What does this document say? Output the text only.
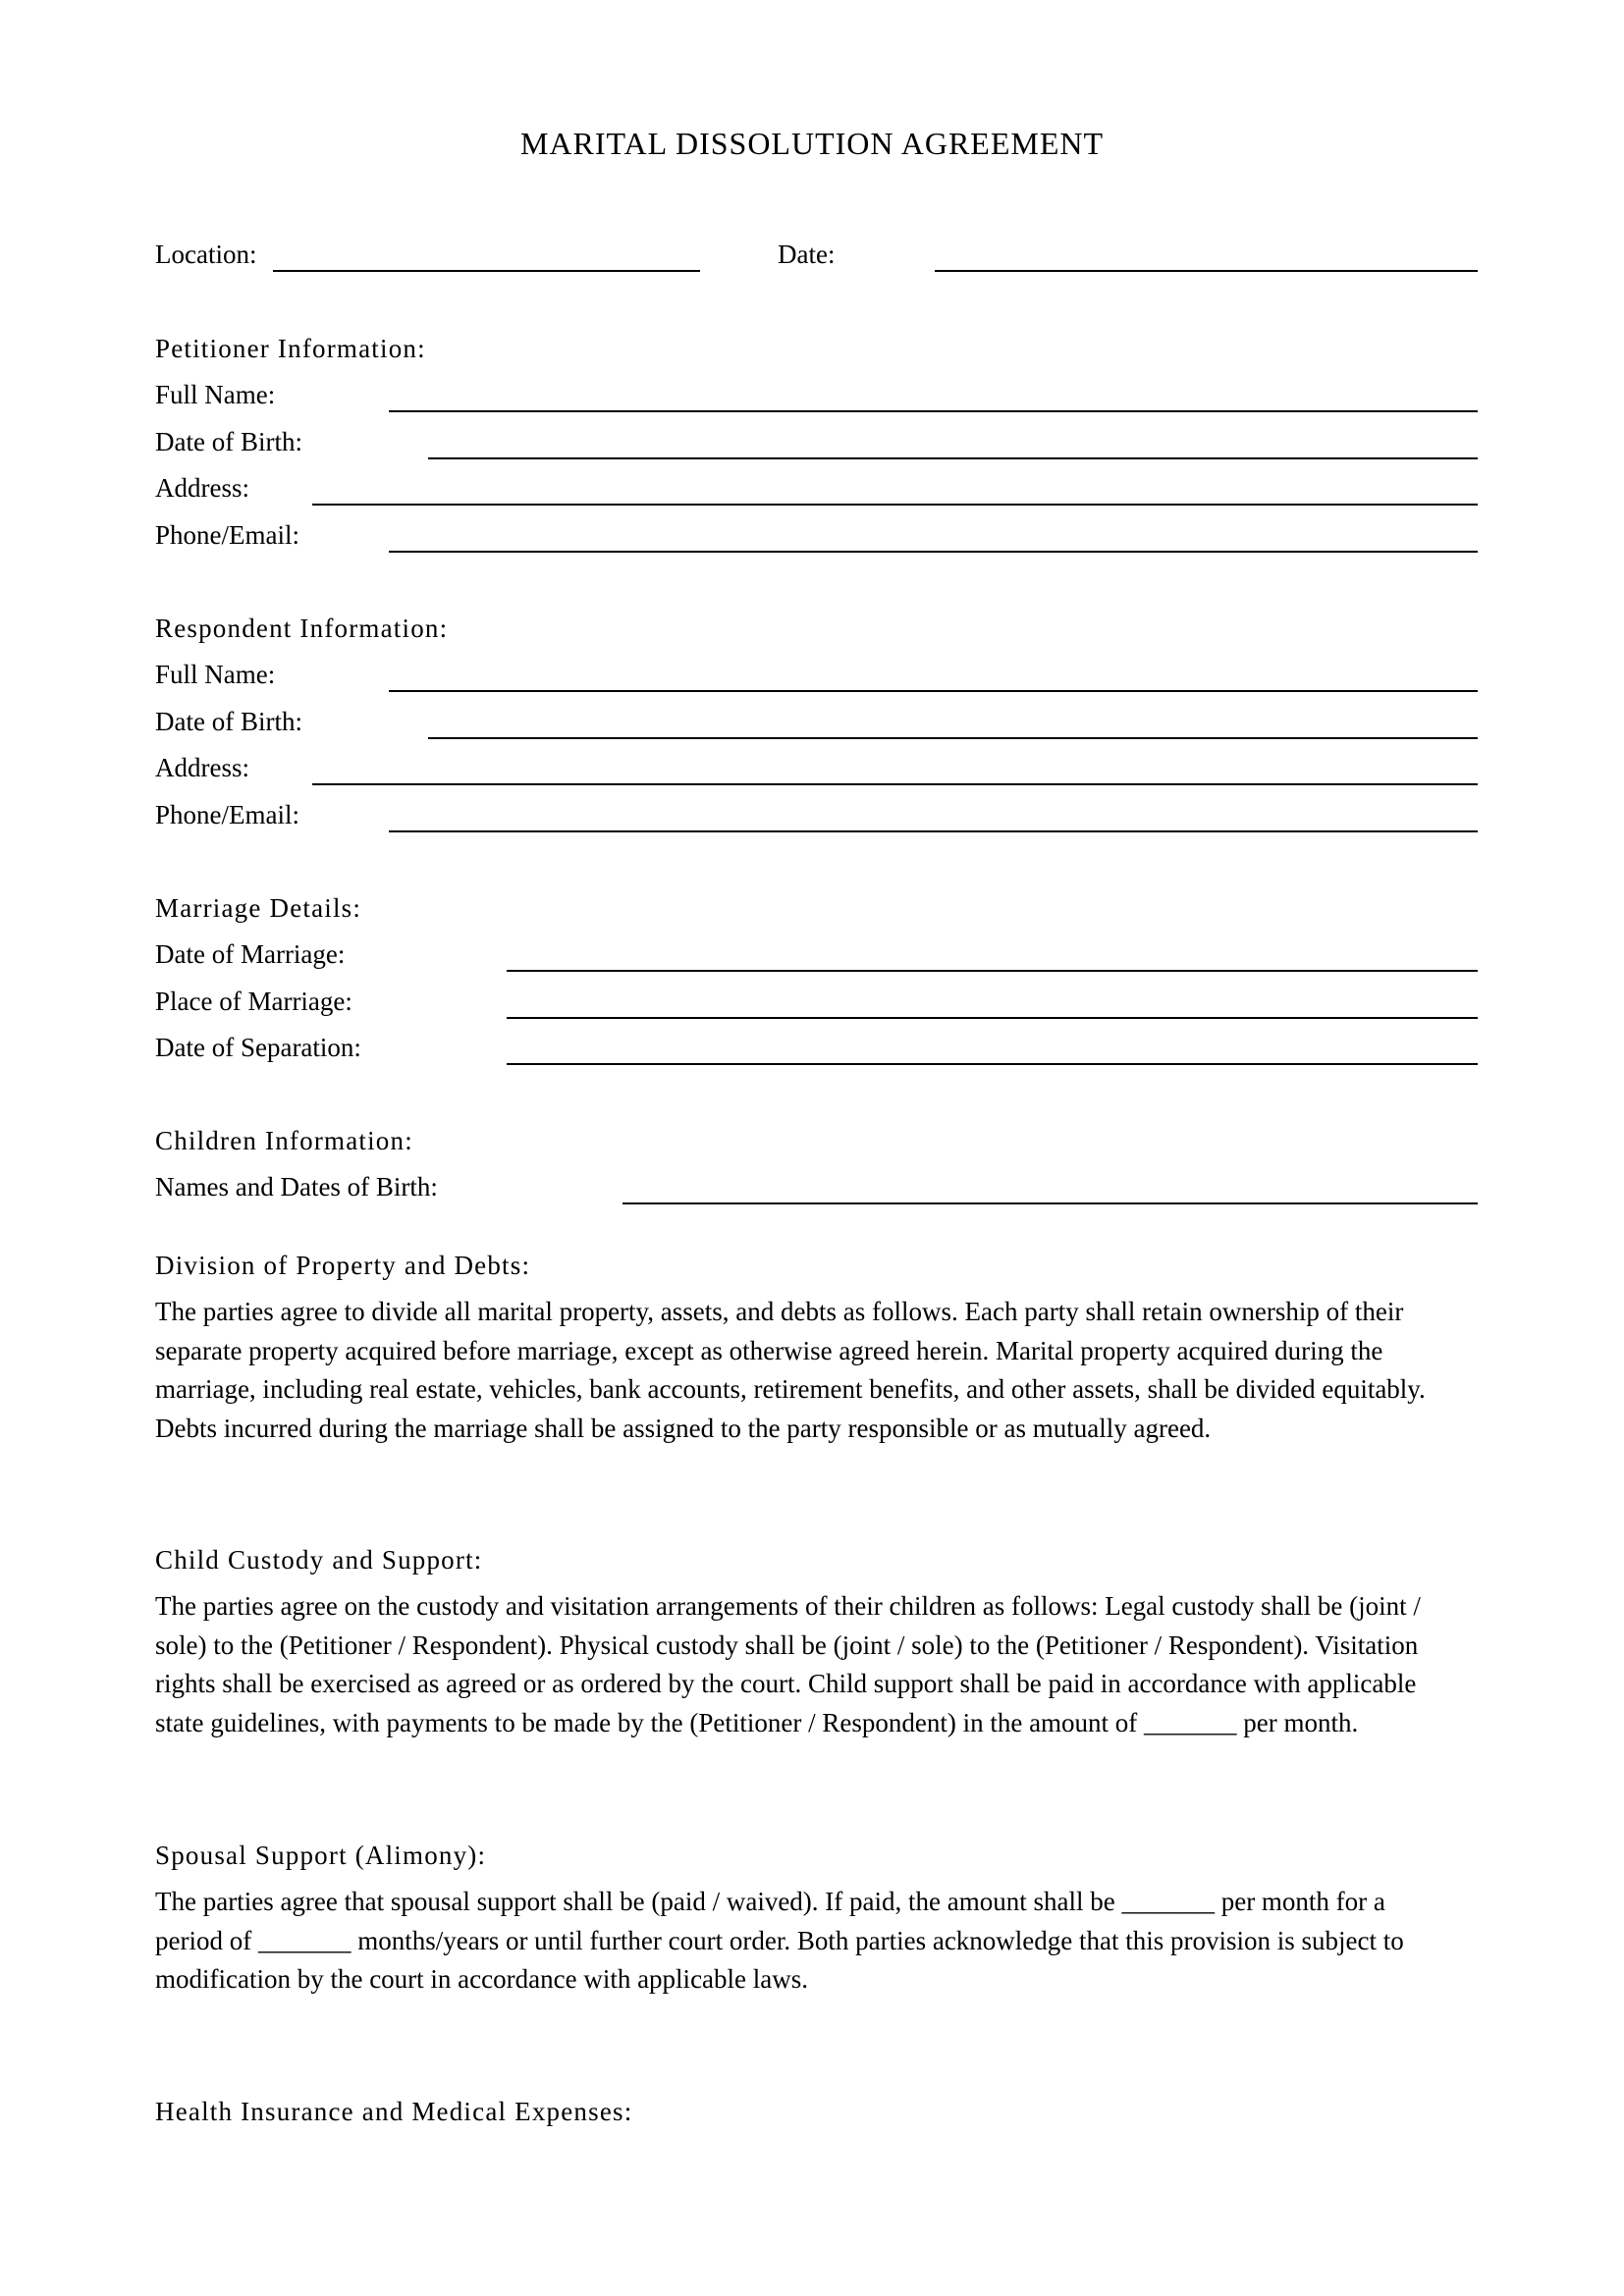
MARITAL DISSOLUTION AGREEMENT
Location:	Date:
Petitioner Information:
Full Name:
Date of Birth:
Address:
Phone/Email:
Respondent Information:
Full Name:
Date of Birth:
Address:
Phone/Email:
Marriage Details:
Date of Marriage:
Place of Marriage:
Date of Separation:
Children Information:
Names and Dates of Birth:
Division of Property and Debts:
The parties agree to divide all marital property, assets, and debts as follows. Each party shall retain ownership of their
separate property acquired before marriage, except as otherwise agreed herein. Marital property acquired during the
marriage, including real estate, vehicles, bank accounts, retirement benefits, and other assets, shall be divided equitably.
Debts incurred during the marriage shall be assigned to the party responsible or as mutually agreed.
Child Custody and Support:
The parties agree on the custody and visitation arrangements of their children as follows: Legal custody shall be (joint /
sole) to the (Petitioner / Respondent). Physical custody shall be (joint / sole) to the (Petitioner / Respondent). Visitation
rights shall be exercised as agreed or as ordered by the court. Child support shall be paid in accordance with applicable
state guidelines, with payments to be made by the (Petitioner / Respondent) in the amount of _______ per month.
Spousal Support (Alimony):
The parties agree that spousal support shall be (paid / waived). If paid, the amount shall be _______ per month for a
period of _______ months/years or until further court order. Both parties acknowledge that this provision is subject to
modification by the court in accordance with applicable laws.
Health Insurance and Medical Expenses:
